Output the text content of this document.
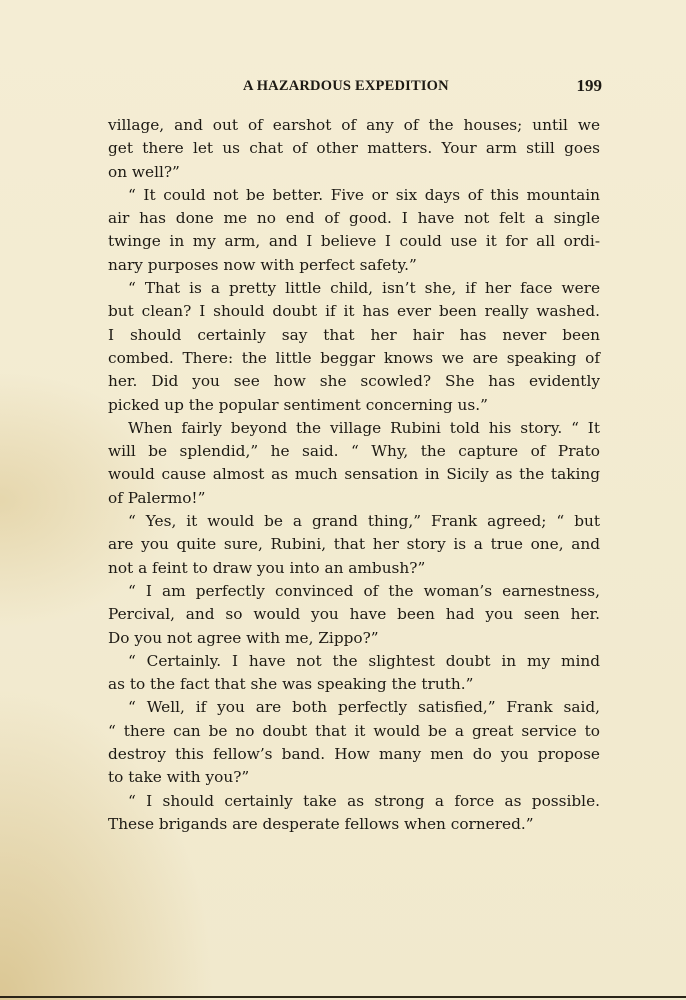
A HAZARDOUS EXPEDITION	199
village, and out of earshot of any of the houses; until we
get there let us chat of other matters. Your arm still goes
on well?”
“ It could not be better. Five or six days of this mountain
air has done me no end of good. I have not felt a single
twinge in my arm, and I believe I could use it for all ordi-
nary purposes now with perfect safety.”
“ That is a pretty little child, isn’t she, if her face were
but clean? I should doubt if it has ever been really washed.
I should certainly say that her hair has never been
combed. There: the little beggar knows we are speaking of
her. Did you see how she scowled? She has evidently
picked up the popular sentiment concerning us.”
When fairly beyond the village Rubini told his story. “ It
will be splendid,” he said. “ Why, the capture of Prato
would cause almost as much sensation in Sicily as the taking
of Palermo!”
“ Yes, it would be a grand thing,” Frank agreed; “ but
are you quite sure, Rubini, that her story is a true one, and
not a feint to draw you into an ambush?”
“ I am perfectly convinced of the woman’s earnestness,
Percival, and so would you have been had you seen her.
Do you not agree with me, Zippo?”
“ Certainly. I have not the slightest doubt in my mind
as to the fact that she was speaking the truth.”
“ Well, if you are both perfectly satisfied,” Frank said,
“ there can be no doubt that it would be a great service to
destroy this fellow’s band. How many men do you propose
to take with you?”
“ I should certainly take as strong a force as possible.
These brigands are desperate fellows when cornered.”
